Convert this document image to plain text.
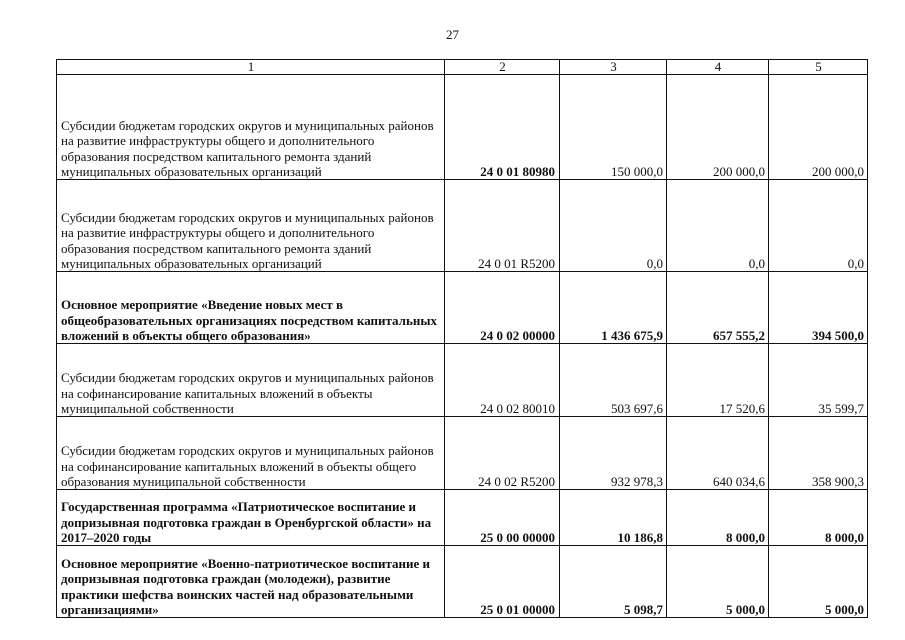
27
1	2	3	4	5
Субсидии бюджетам городских округов и муниципальных районов на развитие инфраструктуры общего и дополнительного образования посредством капитального ремонта зданий муниципальных образовательных организаций	24 0 01 80980	150 000,0	200 000,0	200 000,0
Субсидии бюджетам городских округов и муниципальных районов на развитие инфраструктуры общего и дополнительного образования посредством капитального ремонта зданий муниципальных образовательных организаций	24 0 01 R5200	0,0	0,0	0,0
Основное мероприятие «Введение новых мест в общеобразовательных организациях посредством капитальных вложений в объекты общего образования»	24 0 02 00000	1 436 675,9	657 555,2	394 500,0
Субсидии бюджетам городских округов и муниципальных районов на софинансирование капитальных вложений в объекты муниципальной собственности	24 0 02 80010	503 697,6	17 520,6	35 599,7
Субсидии бюджетам городских округов и муниципальных районов на софинансирование капитальных вложений в объекты общего образования муниципальной собственности	24 0 02 R5200	932 978,3	640 034,6	358 900,3
Государственная программа «Патриотическое воспитание и допризывная подготовка граждан в Оренбургской области» на 2017–2020 годы	25 0 00 00000	10 186,8	8 000,0	8 000,0
Основное мероприятие «Военно-патриотическое воспитание и допризывная подготовка граждан (молодежи), развитие практики шефства воинских частей над образовательными организациями»	25 0 01 00000	5 098,7	5 000,0	5 000,0
